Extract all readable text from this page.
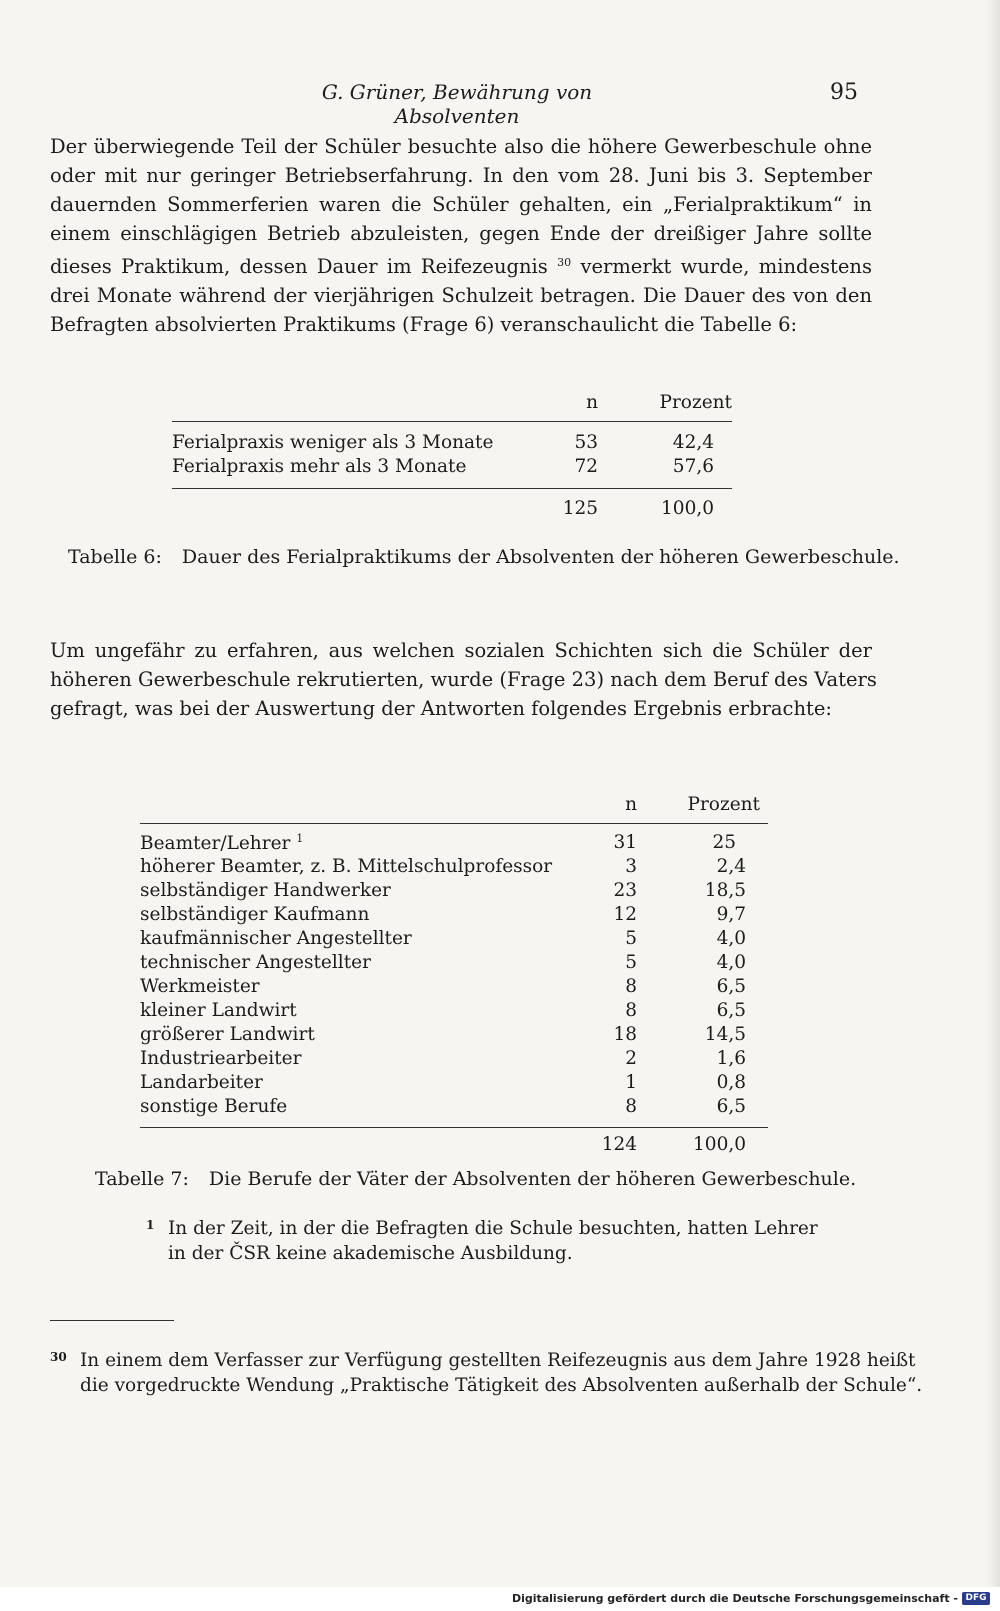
G. Grüner, Bewährung von Absolventen
95
Der überwiegende Teil der Schüler besuchte also die höhere Gewerbeschule ohne
oder mit nur geringer Betriebserfahrung. In den vom 28. Juni bis 3. September
dauernden Sommerferien waren die Schüler gehalten, ein „Ferialpraktikum“ in
einem einschlägigen Betrieb abzuleisten, gegen Ende der dreißiger Jahre sollte
dieses Praktikum, dessen Dauer im Reifezeugnis $^{30}$ vermerkt wurde, mindestens
drei Monate während der vierjährigen Schulzeit betragen. Die Dauer des von den
Befragten absolvierten Praktikums (Frage 6) veranschaulicht die Tabelle 6:
n	Prozent
Ferialpraxis weniger als 3 Monate	53	42,4
Ferialpraxis mehr als 3 Monate	72	57,6
125	100,0
Tabelle 6: Dauer des Ferialpraktikums der Absolventen der höheren Gewerbeschule.
Um ungefähr zu erfahren, aus welchen sozialen Schichten sich die Schüler der
höheren Gewerbeschule rekrutierten, wurde (Frage 23) nach dem Beruf des Vaters
gefragt, was bei der Auswertung der Antworten folgendes Ergebnis erbrachte:
n	Prozent
Beamter/Lehrer $^1$	31	25
höherer Beamter, z. B. Mittelschulprofessor	3	2,4
selbständiger Handwerker	23	18,5
selbständiger Kaufmann	12	9,7
kaufmännischer Angestellter	5	4,0
technischer Angestellter	5	4,0
Werkmeister	8	6,5
kleiner Landwirt	8	6,5
größerer Landwirt	18	14,5
Industriearbeiter	2	1,6
Landarbeiter	1	0,8
sonstige Berufe	8	6,5
124	100,0
Tabelle 7: Die Berufe der Väter der Absolventen der höheren Gewerbeschule.
1 In der Zeit, in der die Befragten die Schule besuchten, hatten Lehrer
in der ČSR keine akademische Ausbildung.
30 In einem dem Verfasser zur Verfügung gestellten Reifezeugnis aus dem Jahre 1928 heißt
die vorgedruckte Wendung „Praktische Tätigkeit des Absolventen außerhalb der Schule“.
Digitalisierung gefördert durch die Deutsche Forschungsgemeinschaft - DFG
